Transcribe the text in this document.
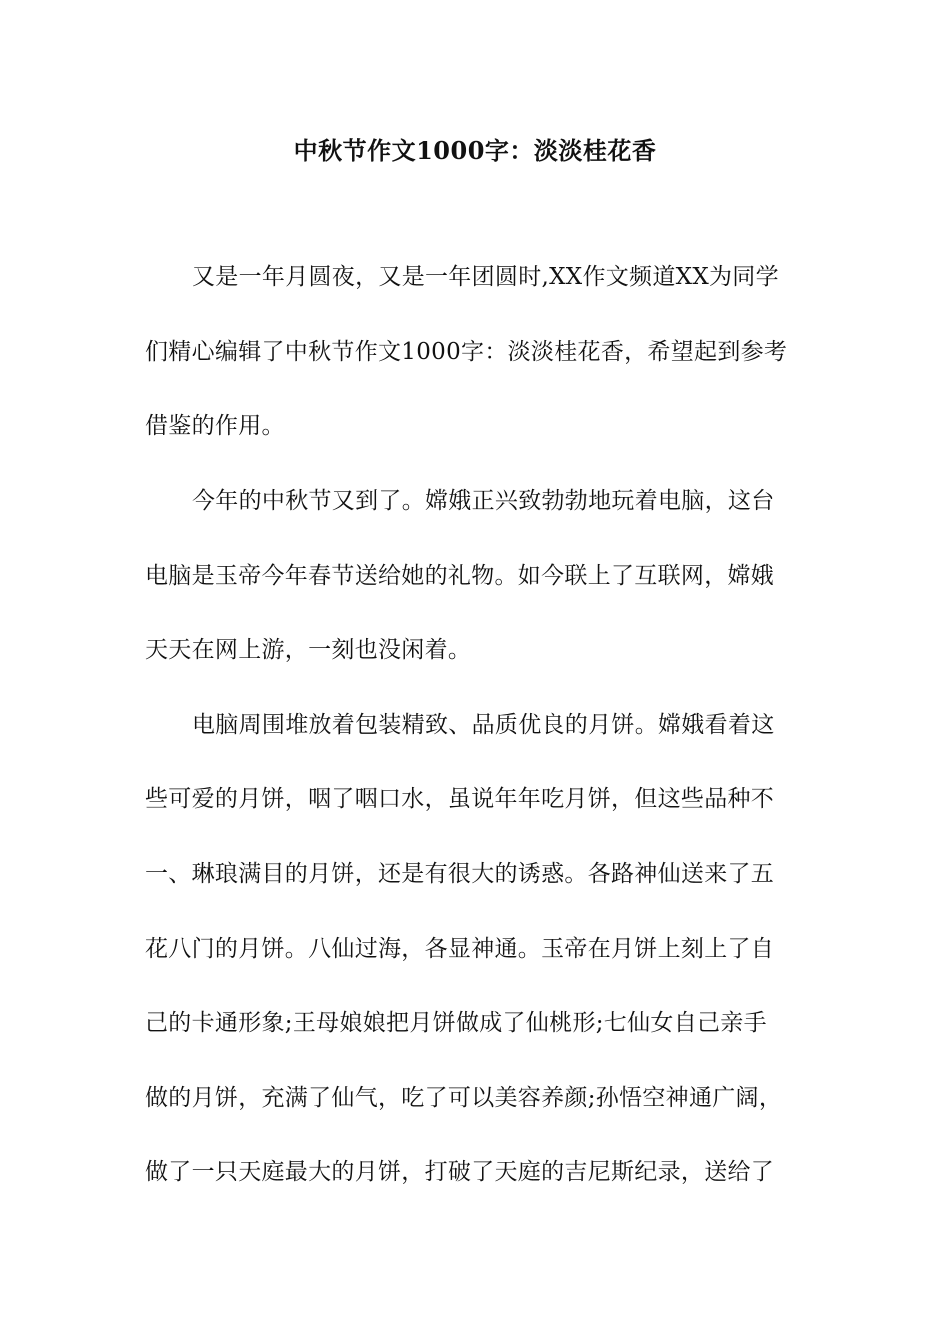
中秋节作文1000字：淡淡桂花香
又是一年月圆夜，又是一年团圆时,XX作文频道XX为同学
们精心编辑了中秋节作文1000字：淡淡桂花香，希望起到参考
借鉴的作用。
今年的中秋节又到了。嫦娥正兴致勃勃地玩着电脑，这台
电脑是玉帝今年春节送给她的礼物。如今联上了互联网，嫦娥
天天在网上游，一刻也没闲着。
电脑周围堆放着包装精致、品质优良的月饼。嫦娥看着这
些可爱的月饼，咽了咽口水，虽说年年吃月饼，但这些品种不
一、琳琅满目的月饼，还是有很大的诱惑。各路神仙送来了五
花八门的月饼。八仙过海，各显神通。玉帝在月饼上刻上了自
己的卡通形象;王母娘娘把月饼做成了仙桃形;七仙女自己亲手
做的月饼，充满了仙气，吃了可以美容养颜;孙悟空神通广阔，
做了一只天庭最大的月饼，打破了天庭的吉尼斯纪录，送给了
